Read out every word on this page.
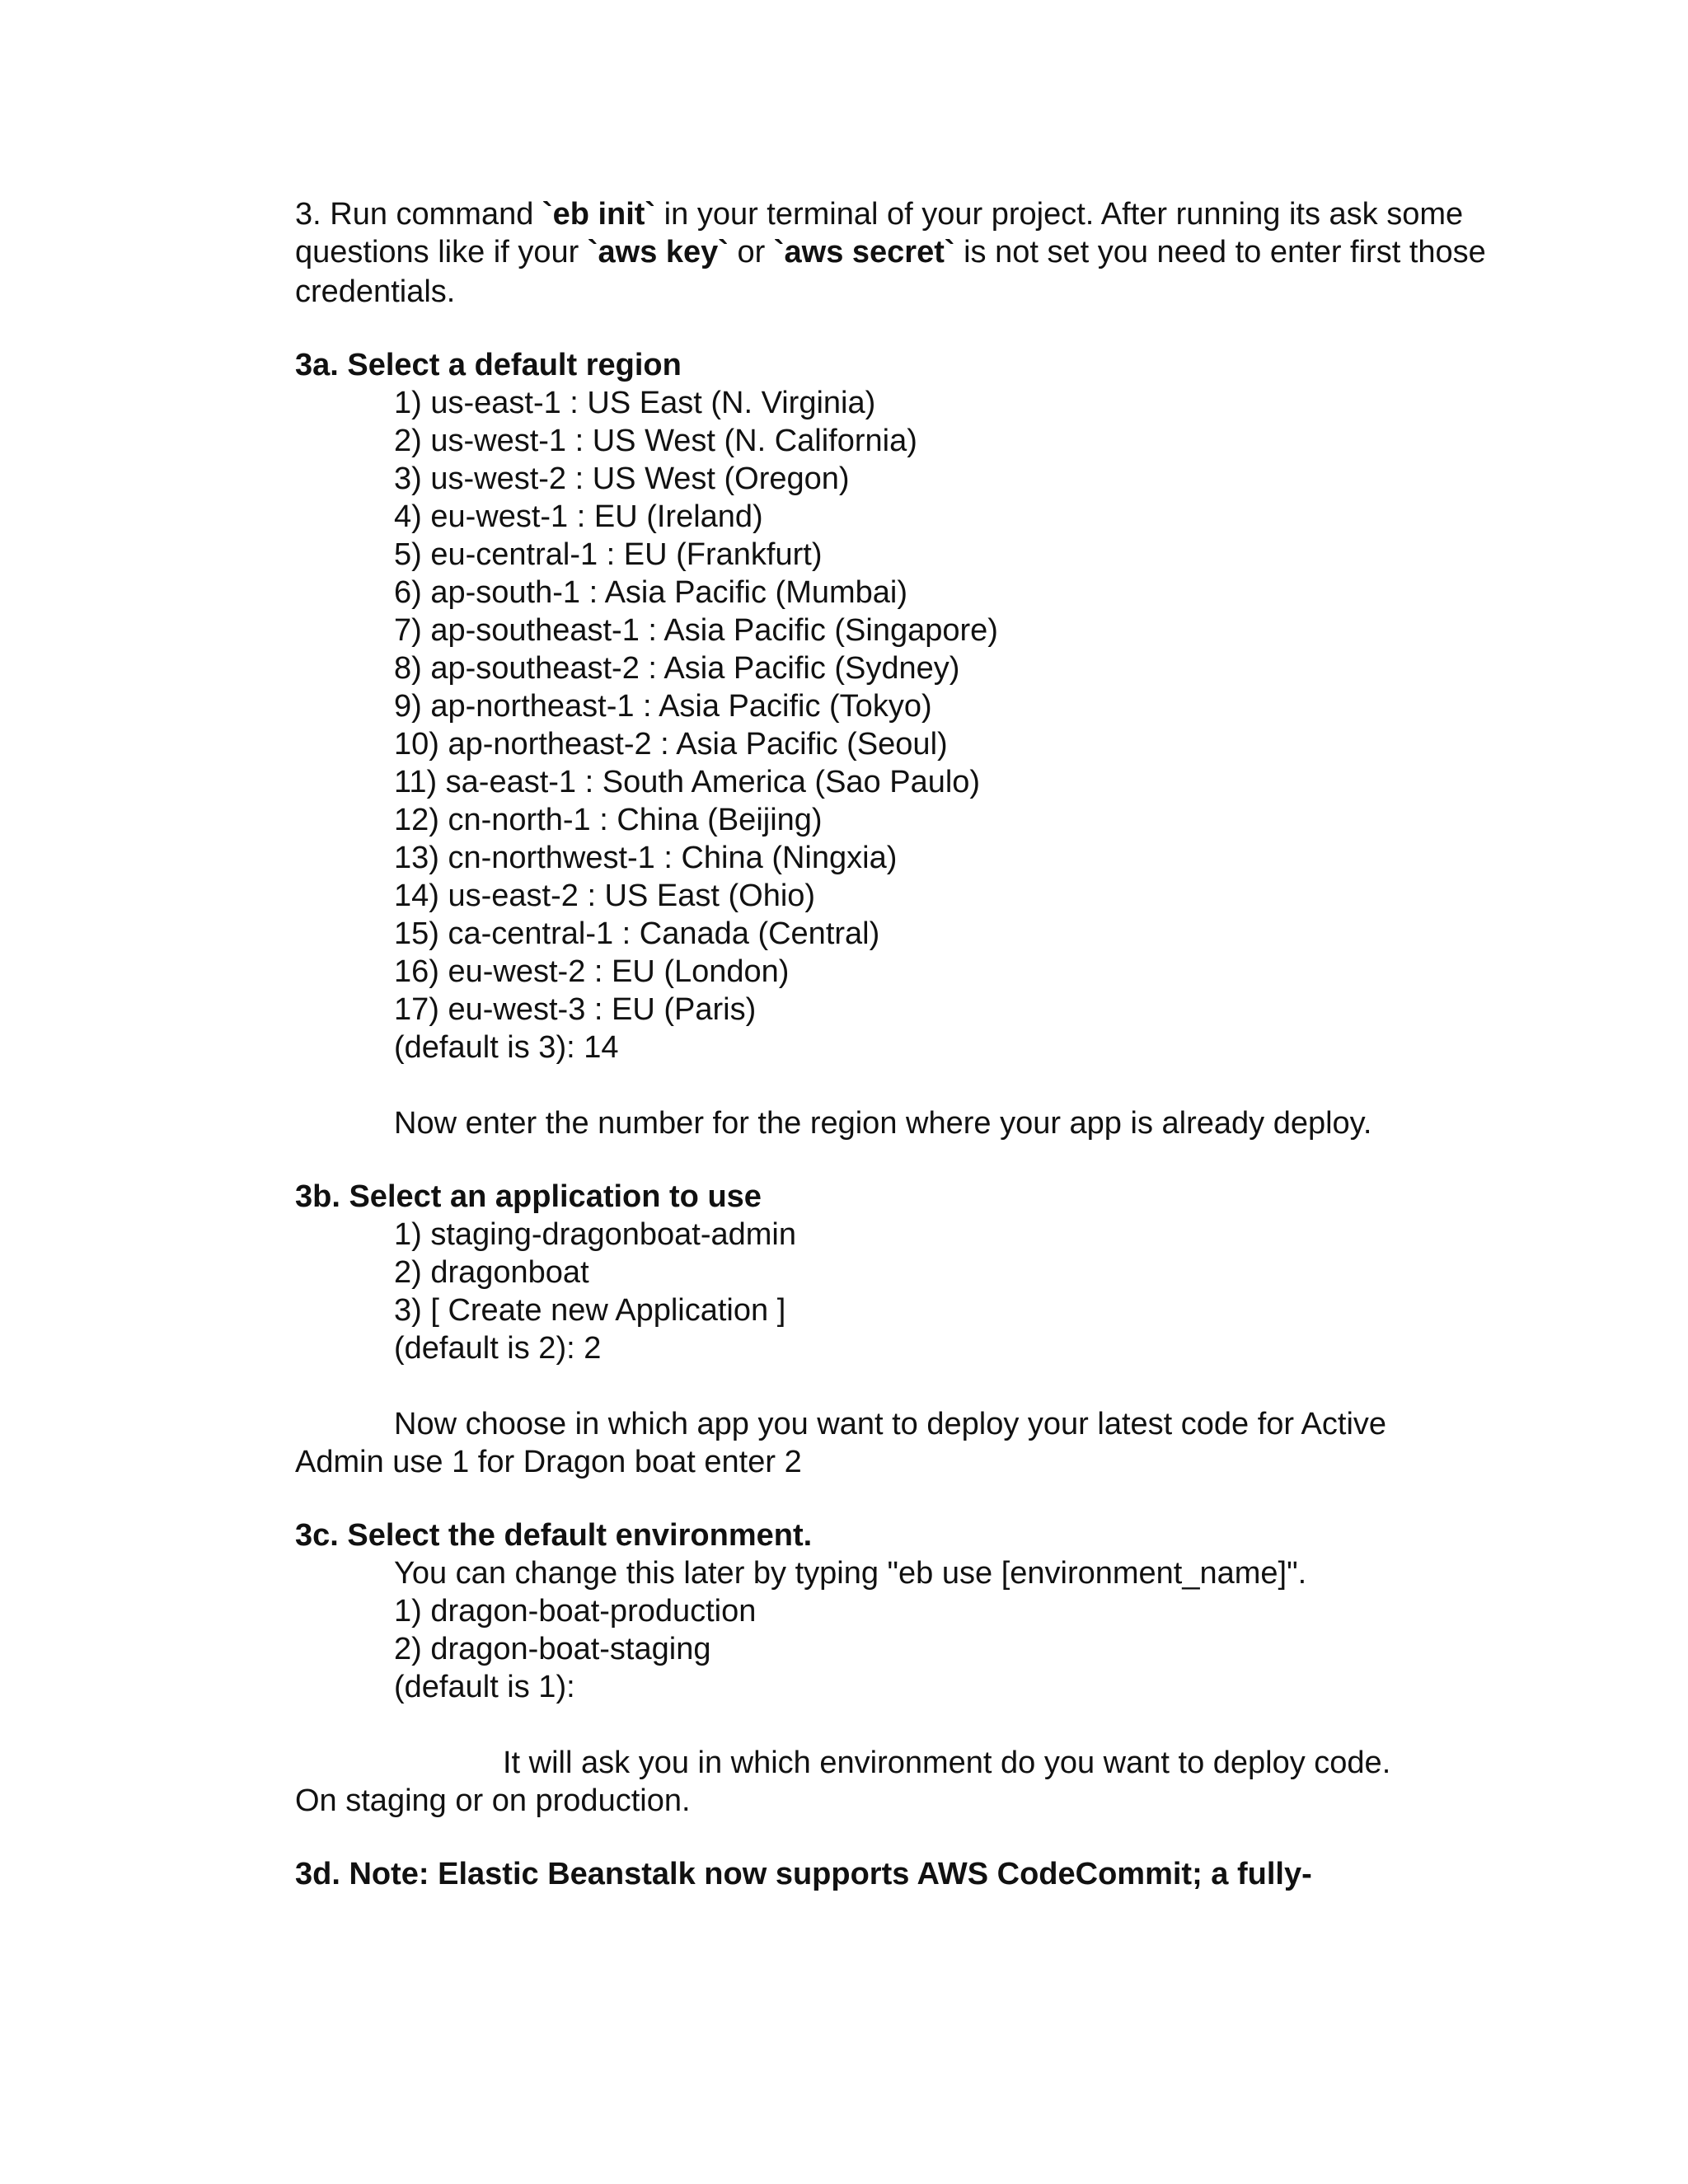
3. Run command `eb init` in your terminal of your project. After running its ask some

questions like if your `aws key` or `aws secret` is not set you need to enter first those

credentials.

3a. Select a default region

1) us-east-1 : US East (N. Virginia)

2) us-west-1 : US West (N. California)

3) us-west-2 : US West (Oregon)

4) eu-west-1 : EU (Ireland)

5) eu-central-1 : EU (Frankfurt)

6) ap-south-1 : Asia Pacific (Mumbai)

7) ap-southeast-1 : Asia Pacific (Singapore)

8) ap-southeast-2 : Asia Pacific (Sydney)

9) ap-northeast-1 : Asia Pacific (Tokyo)

10) ap-northeast-2 : Asia Pacific (Seoul)

11) sa-east-1 : South America (Sao Paulo)

12) cn-north-1 : China (Beijing)

13) cn-northwest-1 : China (Ningxia)

14) us-east-2 : US East (Ohio)

15) ca-central-1 : Canada (Central)

16) eu-west-2 : EU (London)

17) eu-west-3 : EU (Paris)

(default is 3): 14

Now enter the number for the region where your app is already deploy.

3b. Select an application to use

1) staging-dragonboat-admin

2) dragonboat

3) [ Create new Application ]

(default is 2): 2

Now choose in which app you want to deploy your latest code for Active

Admin use 1 for Dragon boat enter 2

3c. Select the default environment.

You can change this later by typing "eb use [environment_name]".

1) dragon-boat-production

2) dragon-boat-staging

(default is 1):

It will ask you in which environment do you want to deploy code.

On staging or on production.

3d. Note: Elastic Beanstalk now supports AWS CodeCommit; a fully-
